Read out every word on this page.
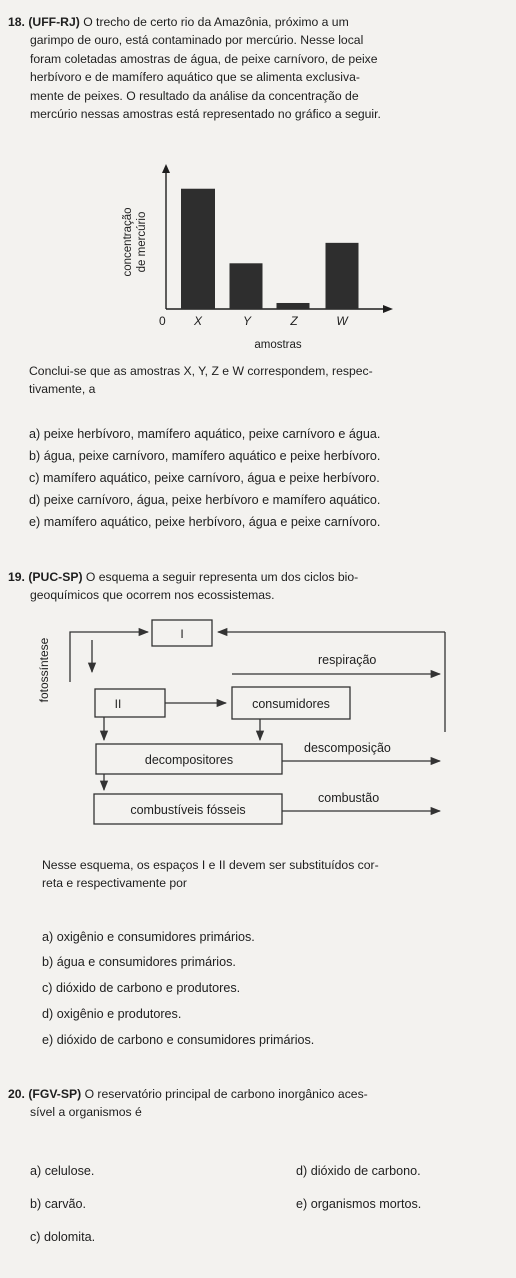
18. (UFF-RJ) O trecho de certo rio da Amazônia, próximo a um
garimpo de ouro, está contaminado por mercúrio. Nesse local
foram coletadas amostras de água, de peixe carnívoro, de peixe
herbívoro e de mamífero aquático que se alimenta exclusiva-
mente de peixes. O resultado da análise da concentração de
mercúrio nessas amostras está representado no gráfico a seguir.
concentração de mercúrio
0 X	Y	Z	W
amostras
Conclui-se que as amostras X, Y, Z e W correspondem, respec-
tivamente, a
a) peixe herbívoro, mamífero aquático, peixe carnívoro e água.
b) água, peixe carnívoro, mamífero aquático e peixe herbívoro.
c) mamífero aquático, peixe carnívoro, água e peixe herbívoro.
d) peixe carnívoro, água, peixe herbívoro e mamífero aquático.
e) mamífero aquático, peixe herbívoro, água e peixe carnívoro.
19. (PUC-SP) O esquema a seguir representa um dos ciclos bio-
geoquímicos que ocorrem nos ecossistemas.
fotossíntese
I
respiração
II	consumidores
decompositores
descomposição
combustíveis fósseis
combustão
Nesse esquema, os espaços I e II devem ser substituídos cor-
reta e respectivamente por
a) oxigênio e consumidores primários.
b) água e consumidores primários.
c) dióxido de carbono e produtores.
d) oxigênio e produtores.
e) dióxido de carbono e consumidores primários.
20. (FGV-SP) O reservatório principal de carbono inorgânico aces-
sível a organismos é
a) celulose.	d) dióxido de carbono.
b) carvão.	e) organismos mortos.
c) dolomita.
